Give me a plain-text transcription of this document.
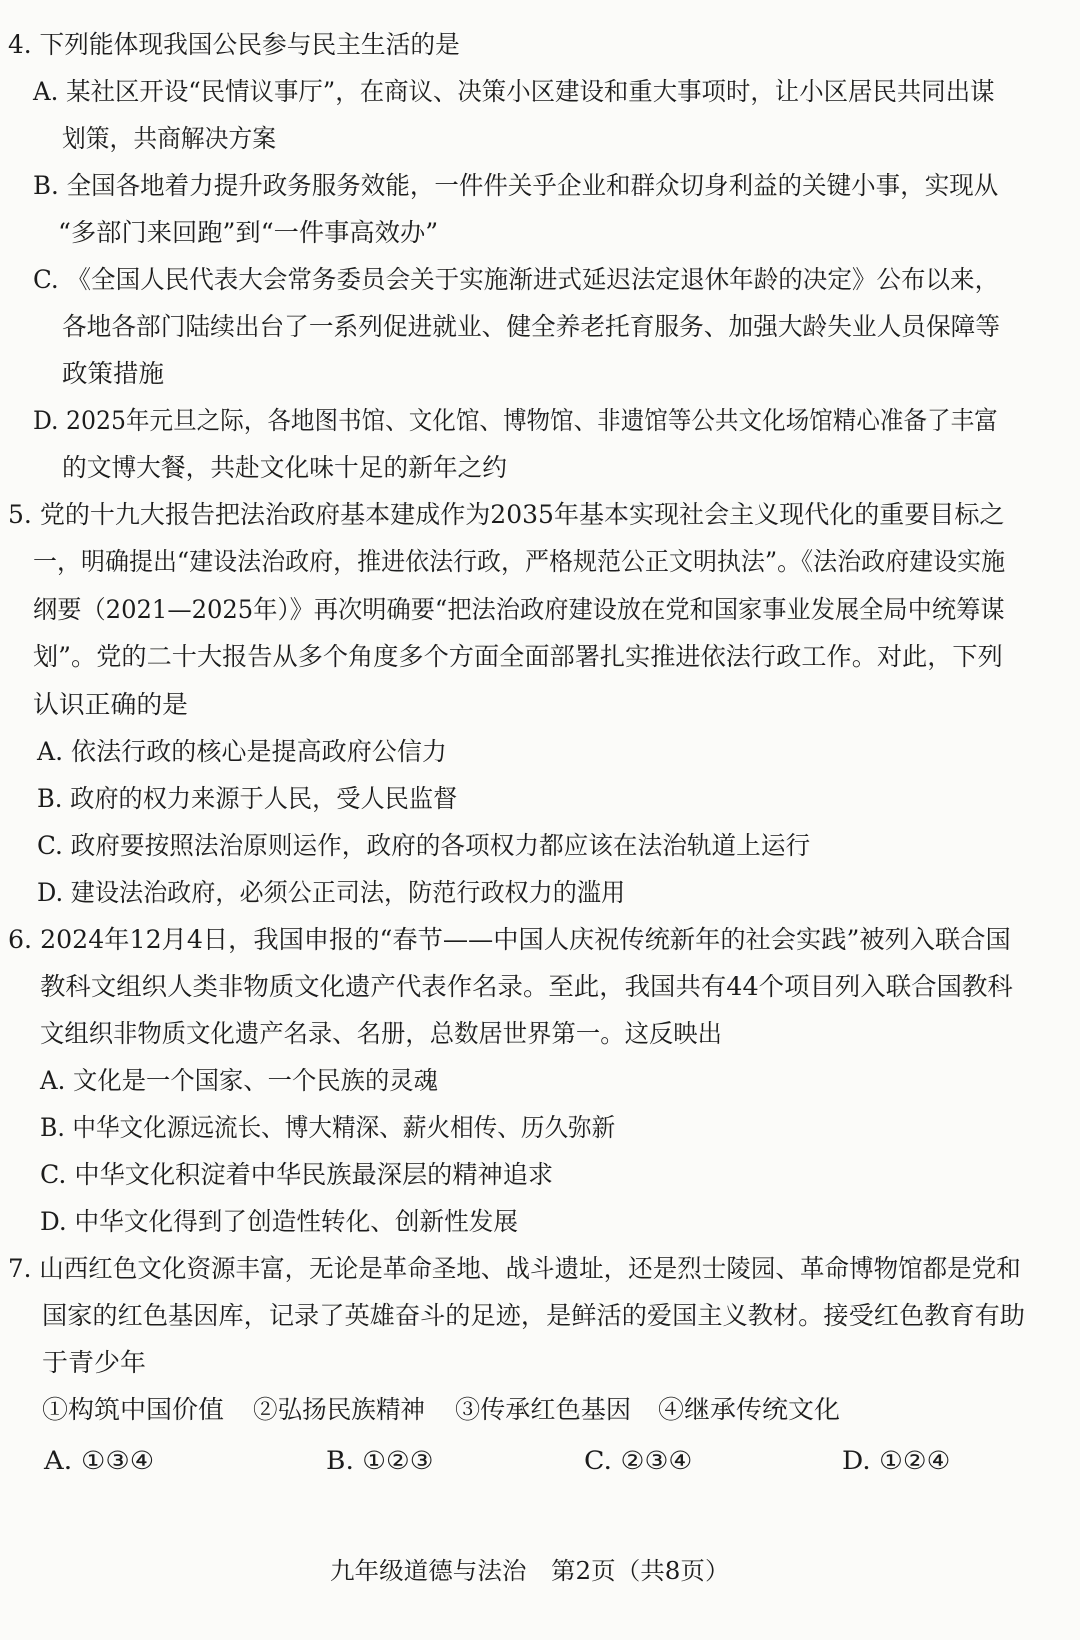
4. 下列能体现我国公民参与民主生活的是
A. 某社区开设“民情议事厅”，在商议、决策小区建设和重大事项时，让小区居民共同出谋
划策，共商解决方案
B. 全国各地着力提升政务服务效能，一件件关乎企业和群众切身利益的关键小事，实现从
“多部门来回跑”到“一件事高效办”
C. 《全国人民代表大会常务委员会关于实施渐进式延迟法定退休年龄的决定》公布以来，
各地各部门陆续出台了一系列促进就业、健全养老托育服务、加强大龄失业人员保障等
政策措施
D. 2025年元旦之际，各地图书馆、文化馆、博物馆、非遗馆等公共文化场馆精心准备了丰富
的文博大餐，共赴文化味十足的新年之约
5. 党的十九大报告把法治政府基本建成作为2035年基本实现社会主义现代化的重要目标之
一，明确提出“建设法治政府，推进依法行政，严格规范公正文明执法”。《法治政府建设实施
纲要（2021—2025年）》再次明确要“把法治政府建设放在党和国家事业发展全局中统筹谋
划”。党的二十大报告从多个角度多个方面全面部署扎实推进依法行政工作。对此，下列
认识正确的是
A. 依法行政的核心是提高政府公信力
B. 政府的权力来源于人民，受人民监督
C. 政府要按照法治原则运作，政府的各项权力都应该在法治轨道上运行
D. 建设法治政府，必须公正司法，防范行政权力的滥用
6. 2024年12月4日，我国申报的“春节——中国人庆祝传统新年的社会实践”被列入联合国
教科文组织人类非物质文化遗产代表作名录。至此，我国共有44个项目列入联合国教科
文组织非物质文化遗产名录、名册，总数居世界第一。这反映出
A. 文化是一个国家、一个民族的灵魂
B. 中华文化源远流长、博大精深、薪火相传、历久弥新
C. 中华文化积淀着中华民族最深层的精神追求
D. 中华文化得到了创造性转化、创新性发展
7. 山西红色文化资源丰富，无论是革命圣地、战斗遗址，还是烈士陵园、革命博物馆都是党和
国家的红色基因库，记录了英雄奋斗的足迹，是鲜活的爱国主义教材。接受红色教育有助
于青少年
①构筑中国价值 ②弘扬民族精神 ③传承红色基因 ④继承传统文化
A. ①③④	B. ①②③	C. ②③④	D. ①②④
九年级道德与法治　第2页（共8页）
